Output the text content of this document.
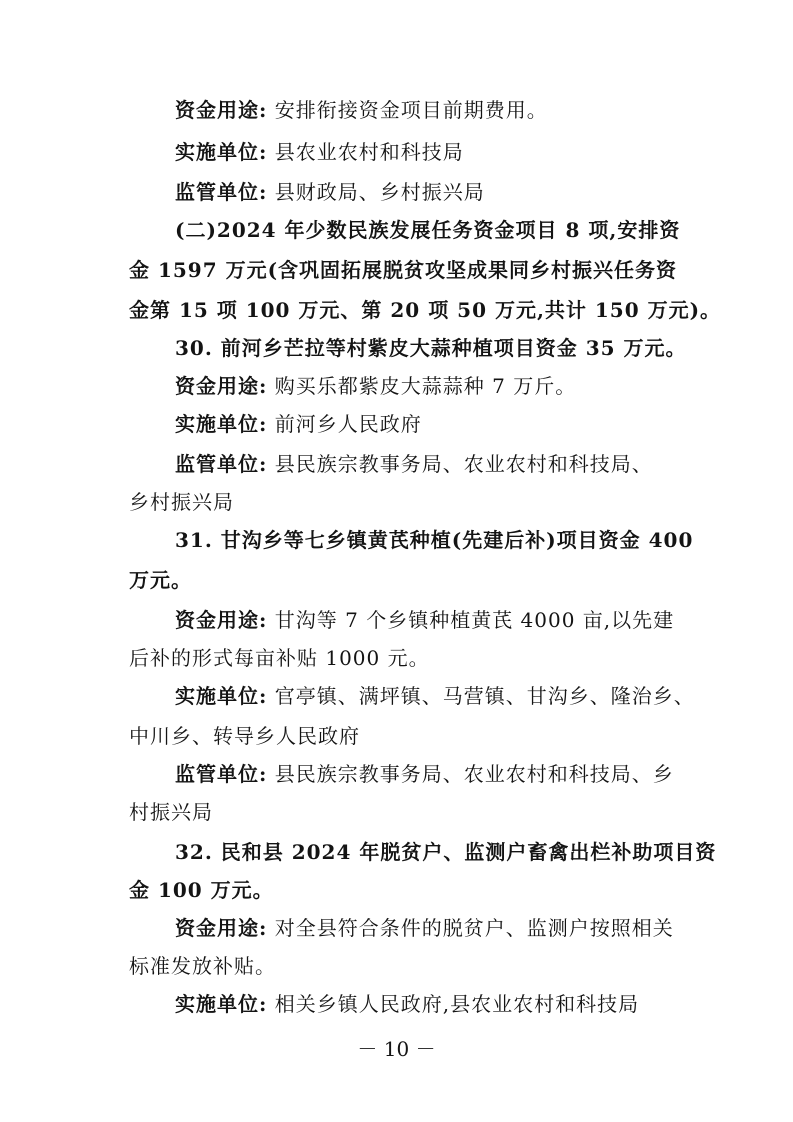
资金用途: 安排衔接资金项目前期费用。
实施单位: 县农业农村和科技局
监管单位: 县财政局、乡村振兴局
(二)2024 年少数民族发展任务资金项目 8 项,安排资
金 1597 万元(含巩固拓展脱贫攻坚成果同乡村振兴任务资
金第 15 项 100 万元、第 20 项 50 万元,共计 150 万元)。
30. 前河乡芒拉等村紫皮大蒜种植项目资金 35 万元。
资金用途: 购买乐都紫皮大蒜蒜种 7 万斤。
实施单位: 前河乡人民政府
监管单位: 县民族宗教事务局、农业农村和科技局、
乡村振兴局
31. 甘沟乡等七乡镇黄芪种植(先建后补)项目资金 400
万元。
资金用途: 甘沟等 7 个乡镇种植黄芪 4000 亩,以先建
后补的形式每亩补贴 1000 元。
实施单位: 官亭镇、满坪镇、马营镇、甘沟乡、隆治乡、
中川乡、转导乡人民政府
监管单位: 县民族宗教事务局、农业农村和科技局、乡
村振兴局
32. 民和县 2024 年脱贫户、监测户畜禽出栏补助项目资
金 100 万元。
资金用途: 对全县符合条件的脱贫户、监测户按照相关
标准发放补贴。
实施单位: 相关乡镇人民政府,县农业农村和科技局
－ 10 －
